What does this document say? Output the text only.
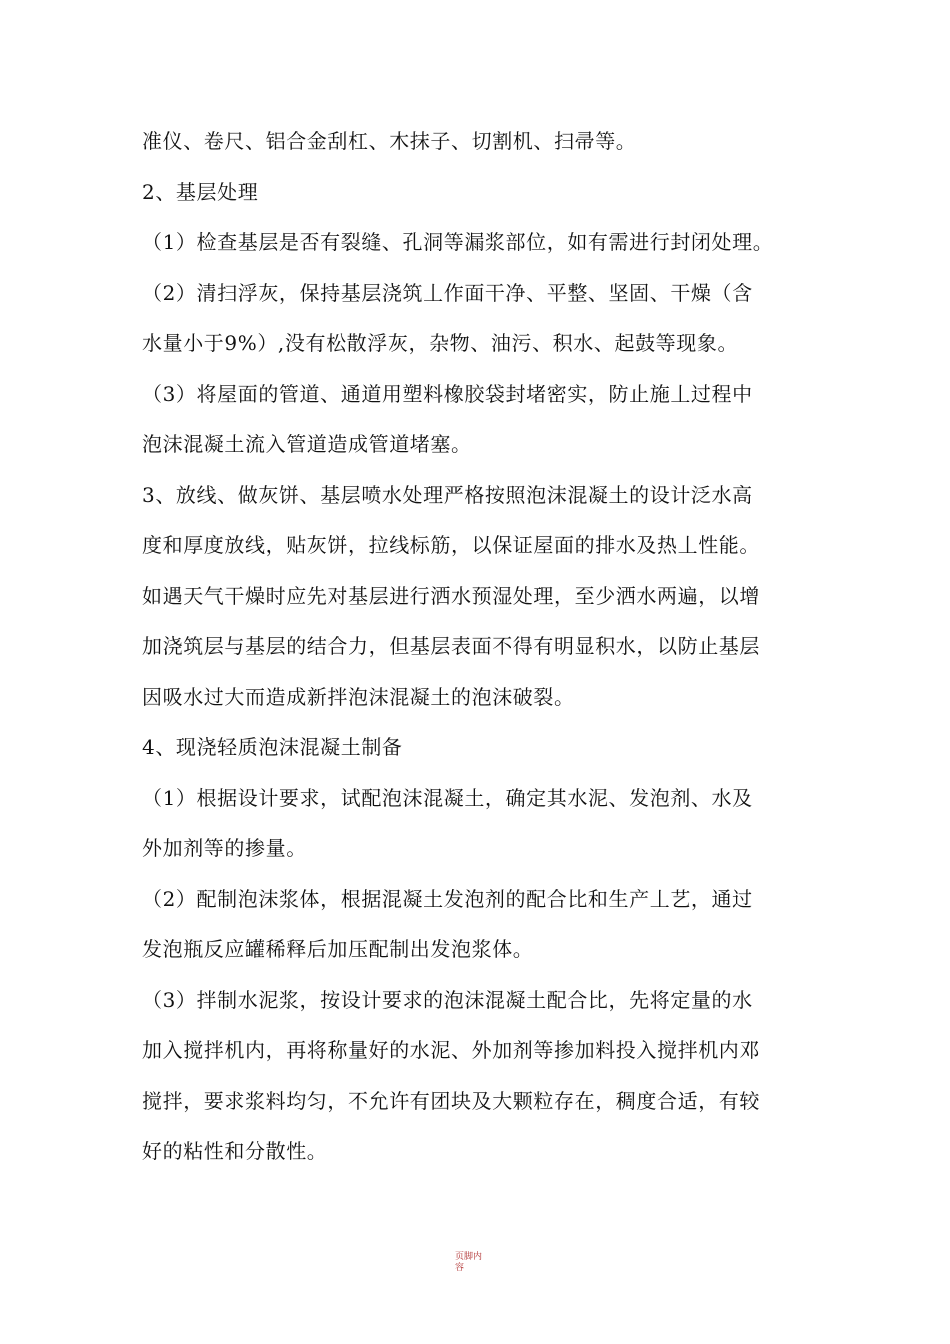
准仪、卷尺、铝合金刮杠、木抹子、切割机、扫帚等。
2、基层处理
（1）检查基层是否有裂缝、孔洞等漏浆部位，如有需进行封闭处理。
（2）清扫浮灰，保持基层浇筑丄作面干净、平整、坚固、干燥（含
水量小于9%）,没有松散浮灰，杂物、油污、积水、起鼓等现象。
（3）将屋面的管道、通道用塑料橡胶袋封堵密实，防止施丄过程中
泡沫混凝土流入管道造成管道堵塞。
3、放线、做灰饼、基层喷水处理严格按照泡沫混凝土的设计泛水高
度和厚度放线，贴灰饼，拉线标筋，以保证屋面的排水及热丄性能。
如遇天气干燥时应先对基层进行洒水预湿处理，至少洒水两遍，以增
加浇筑层与基层的结合力，但基层表面不得有明显积水，以防止基层
因吸水过大而造成新拌泡沫混凝土的泡沫破裂。
4、现浇轻质泡沫混凝土制备
（1）根据设计要求，试配泡沫混凝土，确定其水泥、发泡剂、水及
外加剂等的掺量。
（2）配制泡沫浆体，根据混凝土发泡剂的配合比和生产丄艺，通过
发泡瓶反应罐稀释后加压配制出发泡浆体。
（3）拌制水泥浆，按设计要求的泡沫混凝土配合比，先将定量的水
加入搅拌机内，再将称量好的水泥、外加剂等掺加料投入搅拌机内邓
搅拌，要求浆料均匀，不允许有团块及大颗粒存在，稠度合适，有较
好的粘性和分散性。
页脚内
容
